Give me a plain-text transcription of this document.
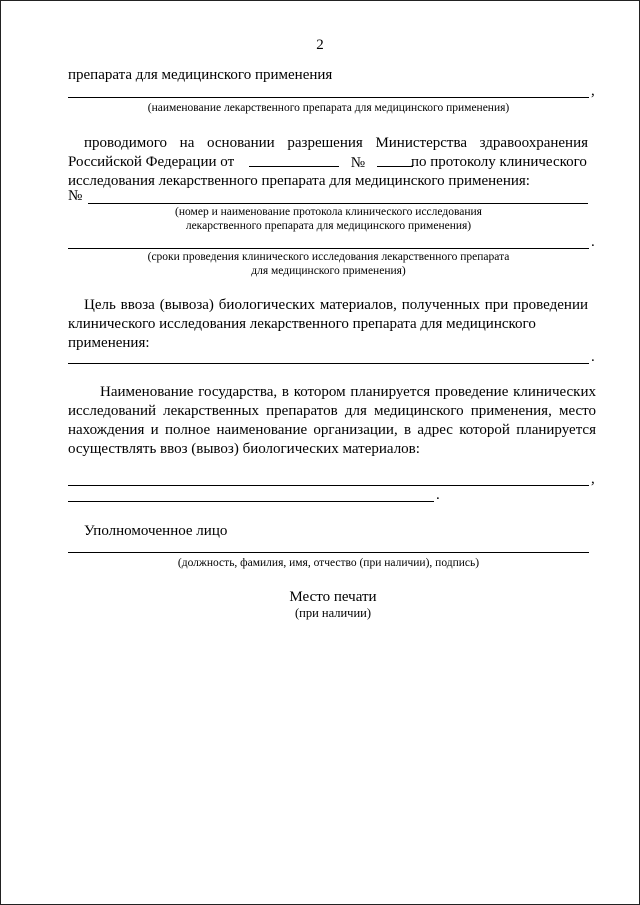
2
препарата для медицинского применения
,
(наименование лекарственного препарата для медицинского применения)
проводимого на основании разрешения Министерства здравоохранения
Российской Федерации от	№	по протоколу клинического
исследования лекарственного препарата для медицинского применения:
№
(номер и наименование протокола клинического исследования
лекарственного препарата для медицинского применения)
.
(сроки проведения клинического исследования лекарственного препарата
для медицинского применения)
Цель ввоза (вывоза) биологических материалов, полученных при проведении
клинического исследования лекарственного препарата для медицинского
применения:
.
Наименование государства, в котором планируется проведение клинических
исследований лекарственных препаратов для медицинского применения, место
нахождения и полное наименование организации, в адрес которой планируется
осуществлять ввоз (вывоз) биологических материалов:
,
.
Уполномоченное лицо
(должность, фамилия, имя, отчество (при наличии), подпись)
Место печати
(при наличии)
